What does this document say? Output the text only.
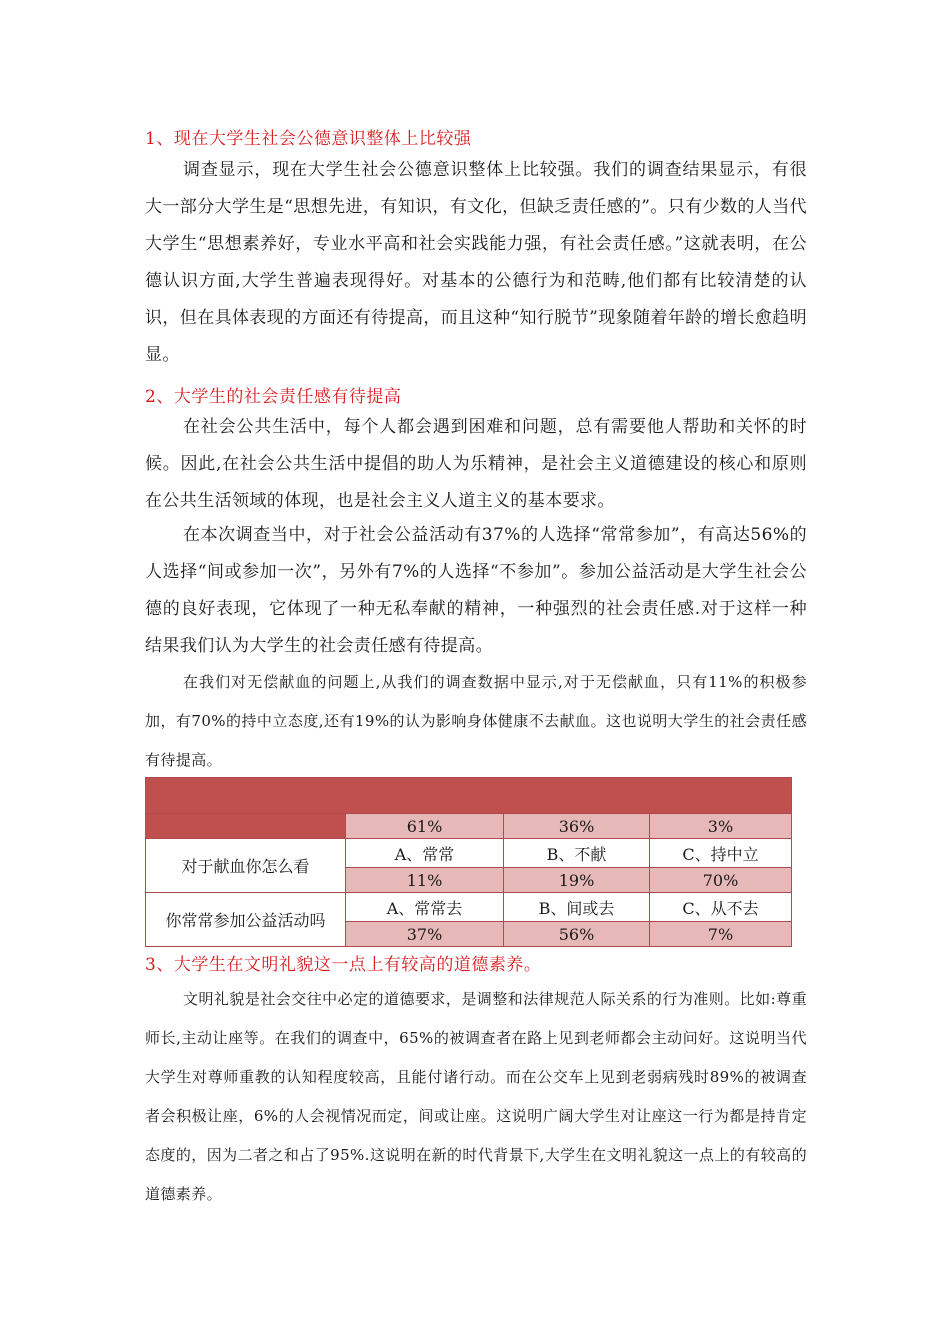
1、现在大学生社会公德意识整体上比较强
调查显示，现在大学生社会公德意识整体上比较强。我们的调查结果显示，有很大一部分大学生是“思想先进，有知识，有文化，但缺乏责任感的”。只有少数的人当代大学生“思想素养好，专业水平高和社会实践能力强，有社会责任感。”这就表明，在公德认识方面,大学生普遍表现得好。对基本的公德行为和范畴,他们都有比较清楚的认识，但在具体表现的方面还有待提高，而且这种“知行脱节”现象随着年龄的增长愈趋明显。
2、大学生的社会责任感有待提高
在社会公共生活中，每个人都会遇到困难和问题，总有需要他人帮助和关怀的时候。因此,在社会公共生活中提倡的助人为乐精神，是社会主义道德建设的核心和原则在公共生活领域的体现，也是社会主义人道主义的基本要求。
在本次调查当中，对于社会公益活动有37%的人选择“常常参加”，有高达56%的人选择“间或参加一次”，另外有7%的人选择“不参加”。参加公益活动是大学生社会公德的良好表现，它体现了一种无私奉献的精神，一种强烈的社会责任感.对于这样一种结果我们认为大学生的社会责任感有待提高。
在我们对无偿献血的问题上,从我们的调查数据中显示,对于无偿献血，只有11%的积极参加，有70%的持中立态度,还有19%的认为影响身体健康不去献血。这也说明大学生的社会责任感有待提高。

	61%	36%	3%
对于献血你怎么看	A、常常	B、不献	C、持中立
	11%	19%	70%
你常常参加公益活动吗	A、常常去	B、间或去	C、从不去
	37%	56%	7%
3、大学生在文明礼貌这一点上有较高的道德素养。
文明礼貌是社会交往中必定的道德要求，是调整和法律规范人际关系的行为准则。比如:尊重师长,主动让座等。在我们的调查中，65%的被调查者在路上见到老师都会主动问好。这说明当代大学生对尊师重教的认知程度较高，且能付诸行动。而在公交车上见到老弱病残时89%的被调查者会积极让座，6%的人会视情况而定，间或让座。这说明广阔大学生对让座这一行为都是持肯定态度的，因为二者之和占了95%.这说明在新的时代背景下,大学生在文明礼貌这一点上的有较高的道德素养。
